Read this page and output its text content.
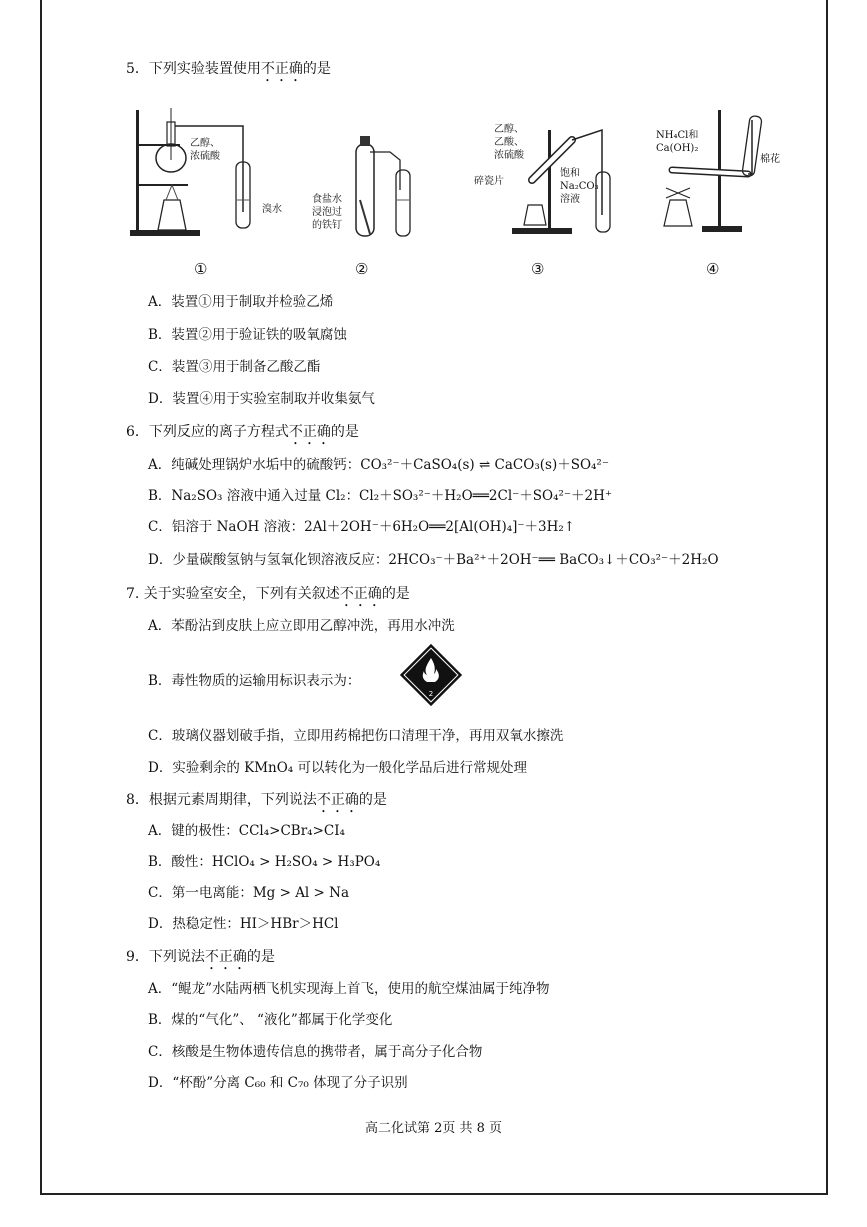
5．下列实验装置使用不正确的是
乙醇、
浓硫酸
溴水
①
食盐水
浸泡过
的铁钉
②
乙醇、
乙酸、
浓硫酸
碎瓷片
饱和
Na₂CO₃
溶液
③
NH₄Cl和
Ca(OH)₂
棉花
④
A．装置①用于制取并检验乙烯
B．装置②用于验证铁的吸氧腐蚀
C．装置③用于制备乙酸乙酯
D．装置④用于实验室制取并收集氨气
6．下列反应的离子方程式不正确的是
A．纯碱处理锅炉水垢中的硫酸钙：CO₃²⁻＋CaSO₄(s) ⇌ CaCO₃(s)＋SO₄²⁻
B．Na₂SO₃ 溶液中通入过量 Cl₂：Cl₂＋SO₃²⁻＋H₂O══2Cl⁻＋SO₄²⁻＋2H⁺
C．铝溶于 NaOH 溶液：2Al＋2OH⁻＋6H₂O══2[Al(OH)₄]⁻＋3H₂↑
D．少量碳酸氢钠与氢氧化钡溶液反应：2HCO₃⁻＋Ba²⁺＋2OH⁻══ BaCO₃↓＋CO₃²⁻＋2H₂O
7. 关于实验室安全，下列有关叙述不正确的是
A．苯酚沾到皮肤上应立即用乙醇冲洗，再用水冲洗
B．毒性物质的运输用标识表示为：
2
C．玻璃仪器划破手指，立即用药棉把伤口清理干净，再用双氧水擦洗
D．实验剩余的 KMnO₄ 可以转化为一般化学品后进行常规处理
8．根据元素周期律，下列说法不正确的是
A．键的极性：CCl₄>CBr₄>CI₄
B．酸性：HClO₄ > H₂SO₄ > H₃PO₄
C．第一电离能：Mg > Al > Na
D．热稳定性：HI＞HBr＞HCl
9．下列说法不正确的是
A．“鲲龙”水陆两栖飞机实现海上首飞，使用的航空煤油属于纯净物
B．煤的“气化”、 “液化”都属于化学变化
C．核酸是生物体遗传信息的携带者，属于高分子化合物
D．“杯酚”分离 C₆₀ 和 C₇₀ 体现了分子识别
高二化试第 2页 共 8 页
